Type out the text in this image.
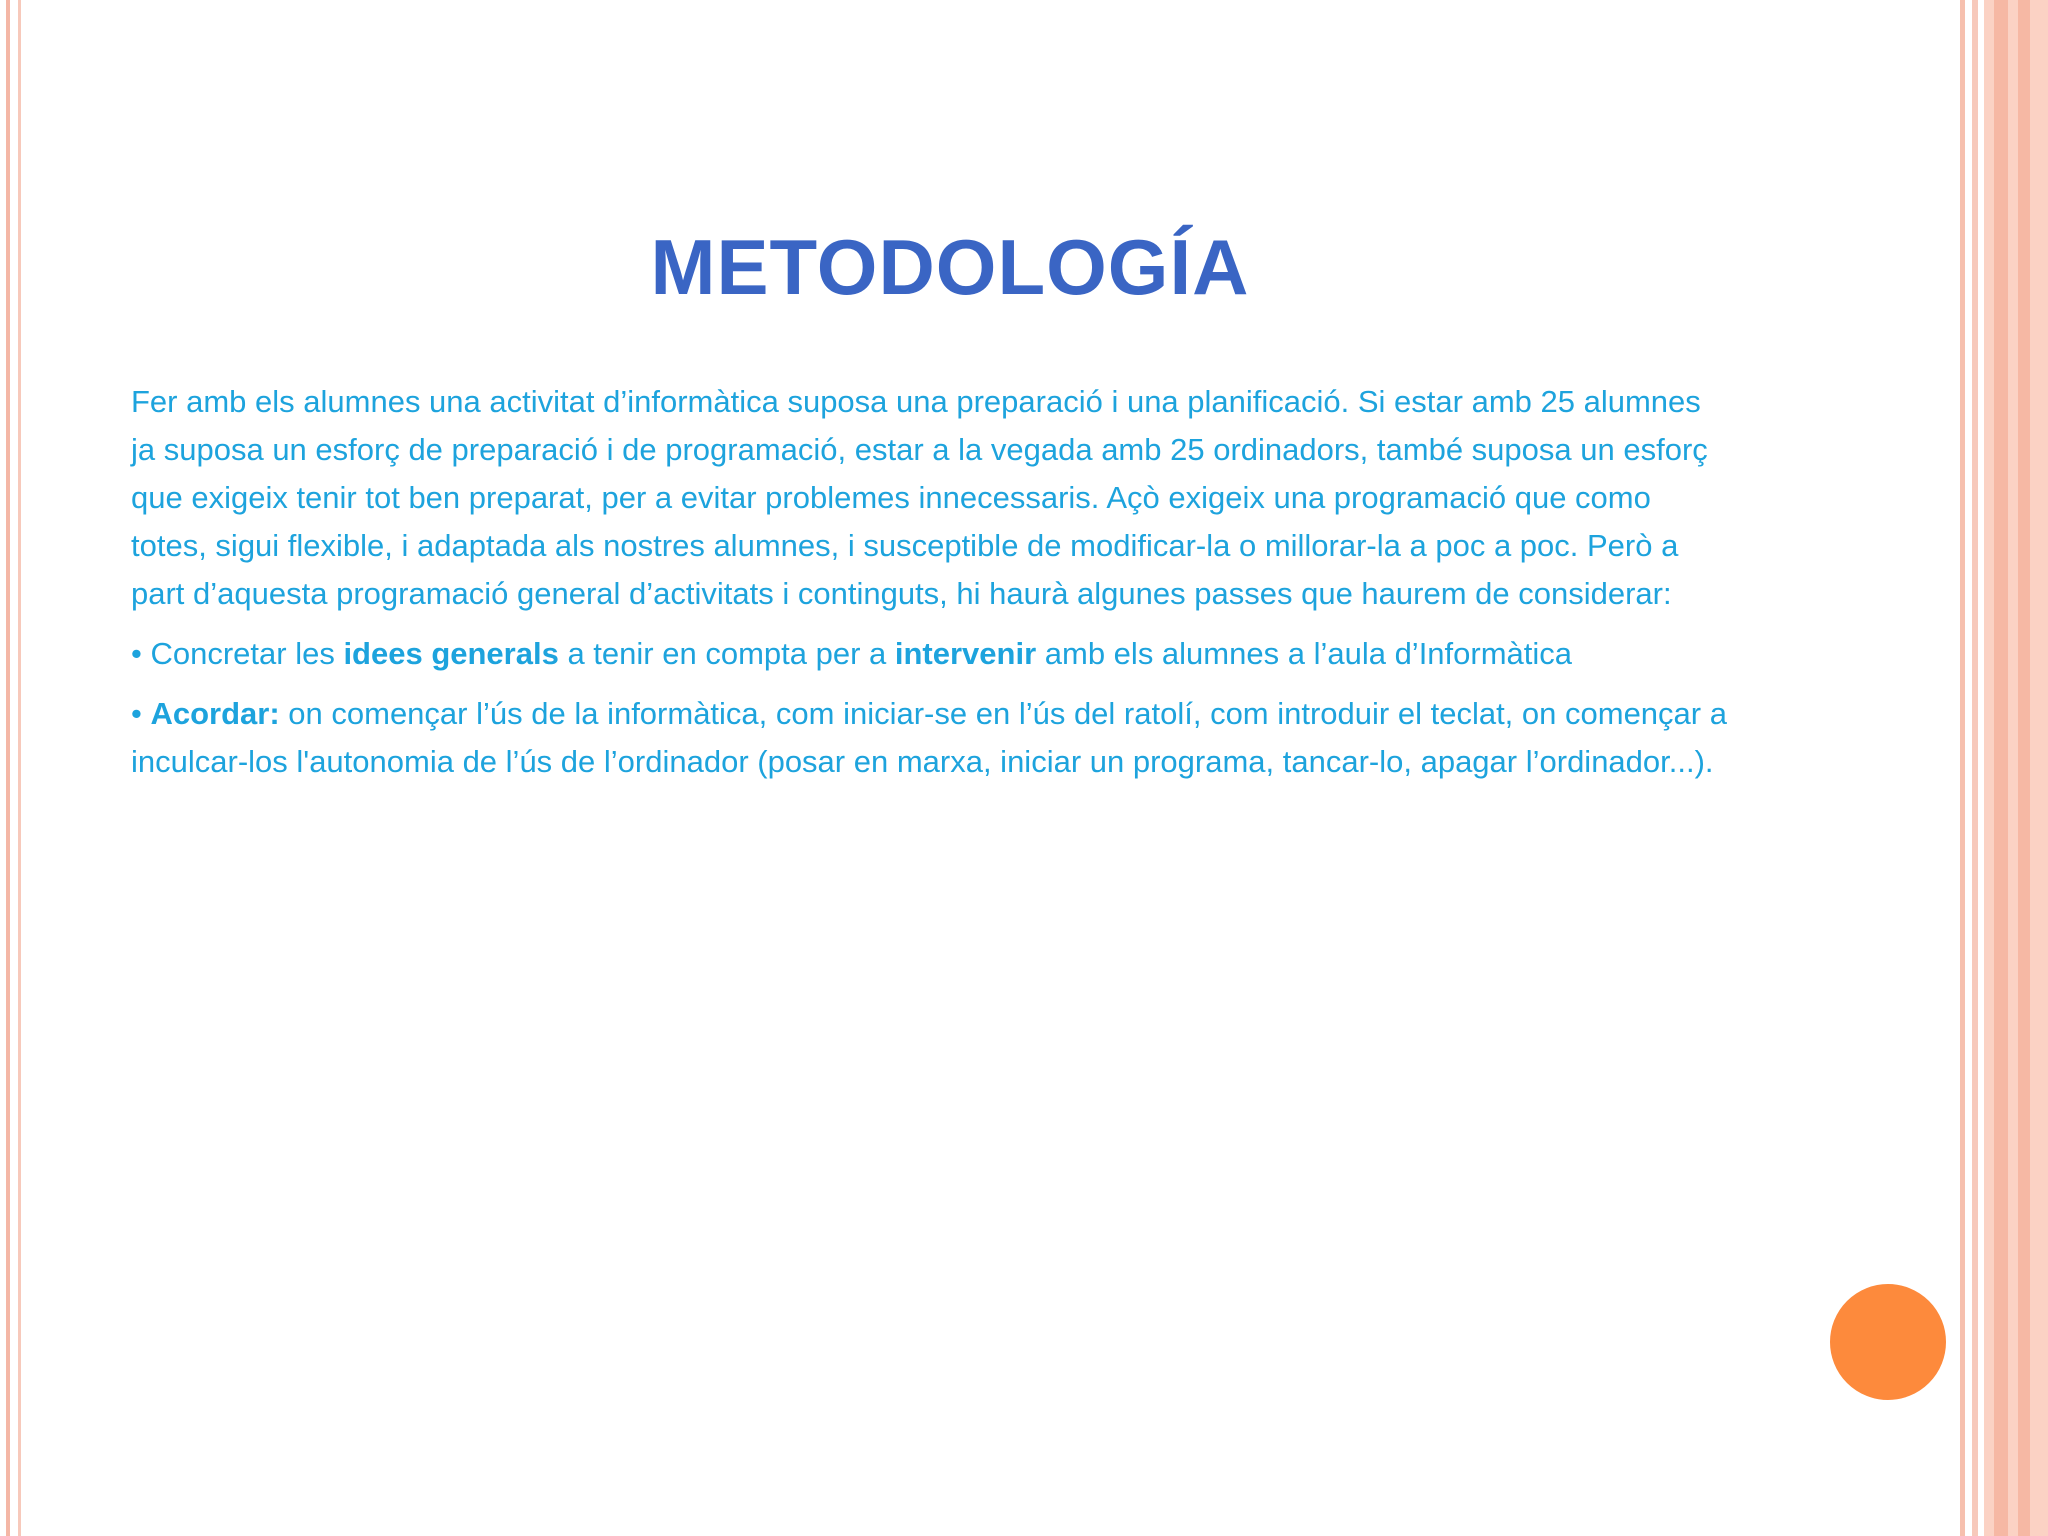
METODOLOGÍA

Fer amb els alumnes una activitat d’informàtica suposa una preparació i una planificació. Si estar amb 25 alumnes ja suposa un esforç de preparació i de programació, estar a la vegada amb 25 ordinadors, també suposa un esforç que exigeix tenir tot ben preparat, per a evitar problemes innecessaris. Açò exigeix una programació que como totes, sigui flexible, i adaptada als nostres alumnes, i susceptible de modificar-la o millorar-la a poc a poc. Però a part d’aquesta programació general d’activitats i continguts, hi haurà algunes passes que haurem de considerar:

• Concretar les idees generals a tenir en compta per a intervenir amb els alumnes a l’aula d’Informàtica

• Acordar: on començar l’ús de la informàtica, com iniciar-se en l’ús del ratolí, com introduir el teclat, on començar a inculcar-los l'autonomia de l’ús de l’ordinador (posar en marxa, iniciar un programa, tancar-lo, apagar l’ordinador...).
